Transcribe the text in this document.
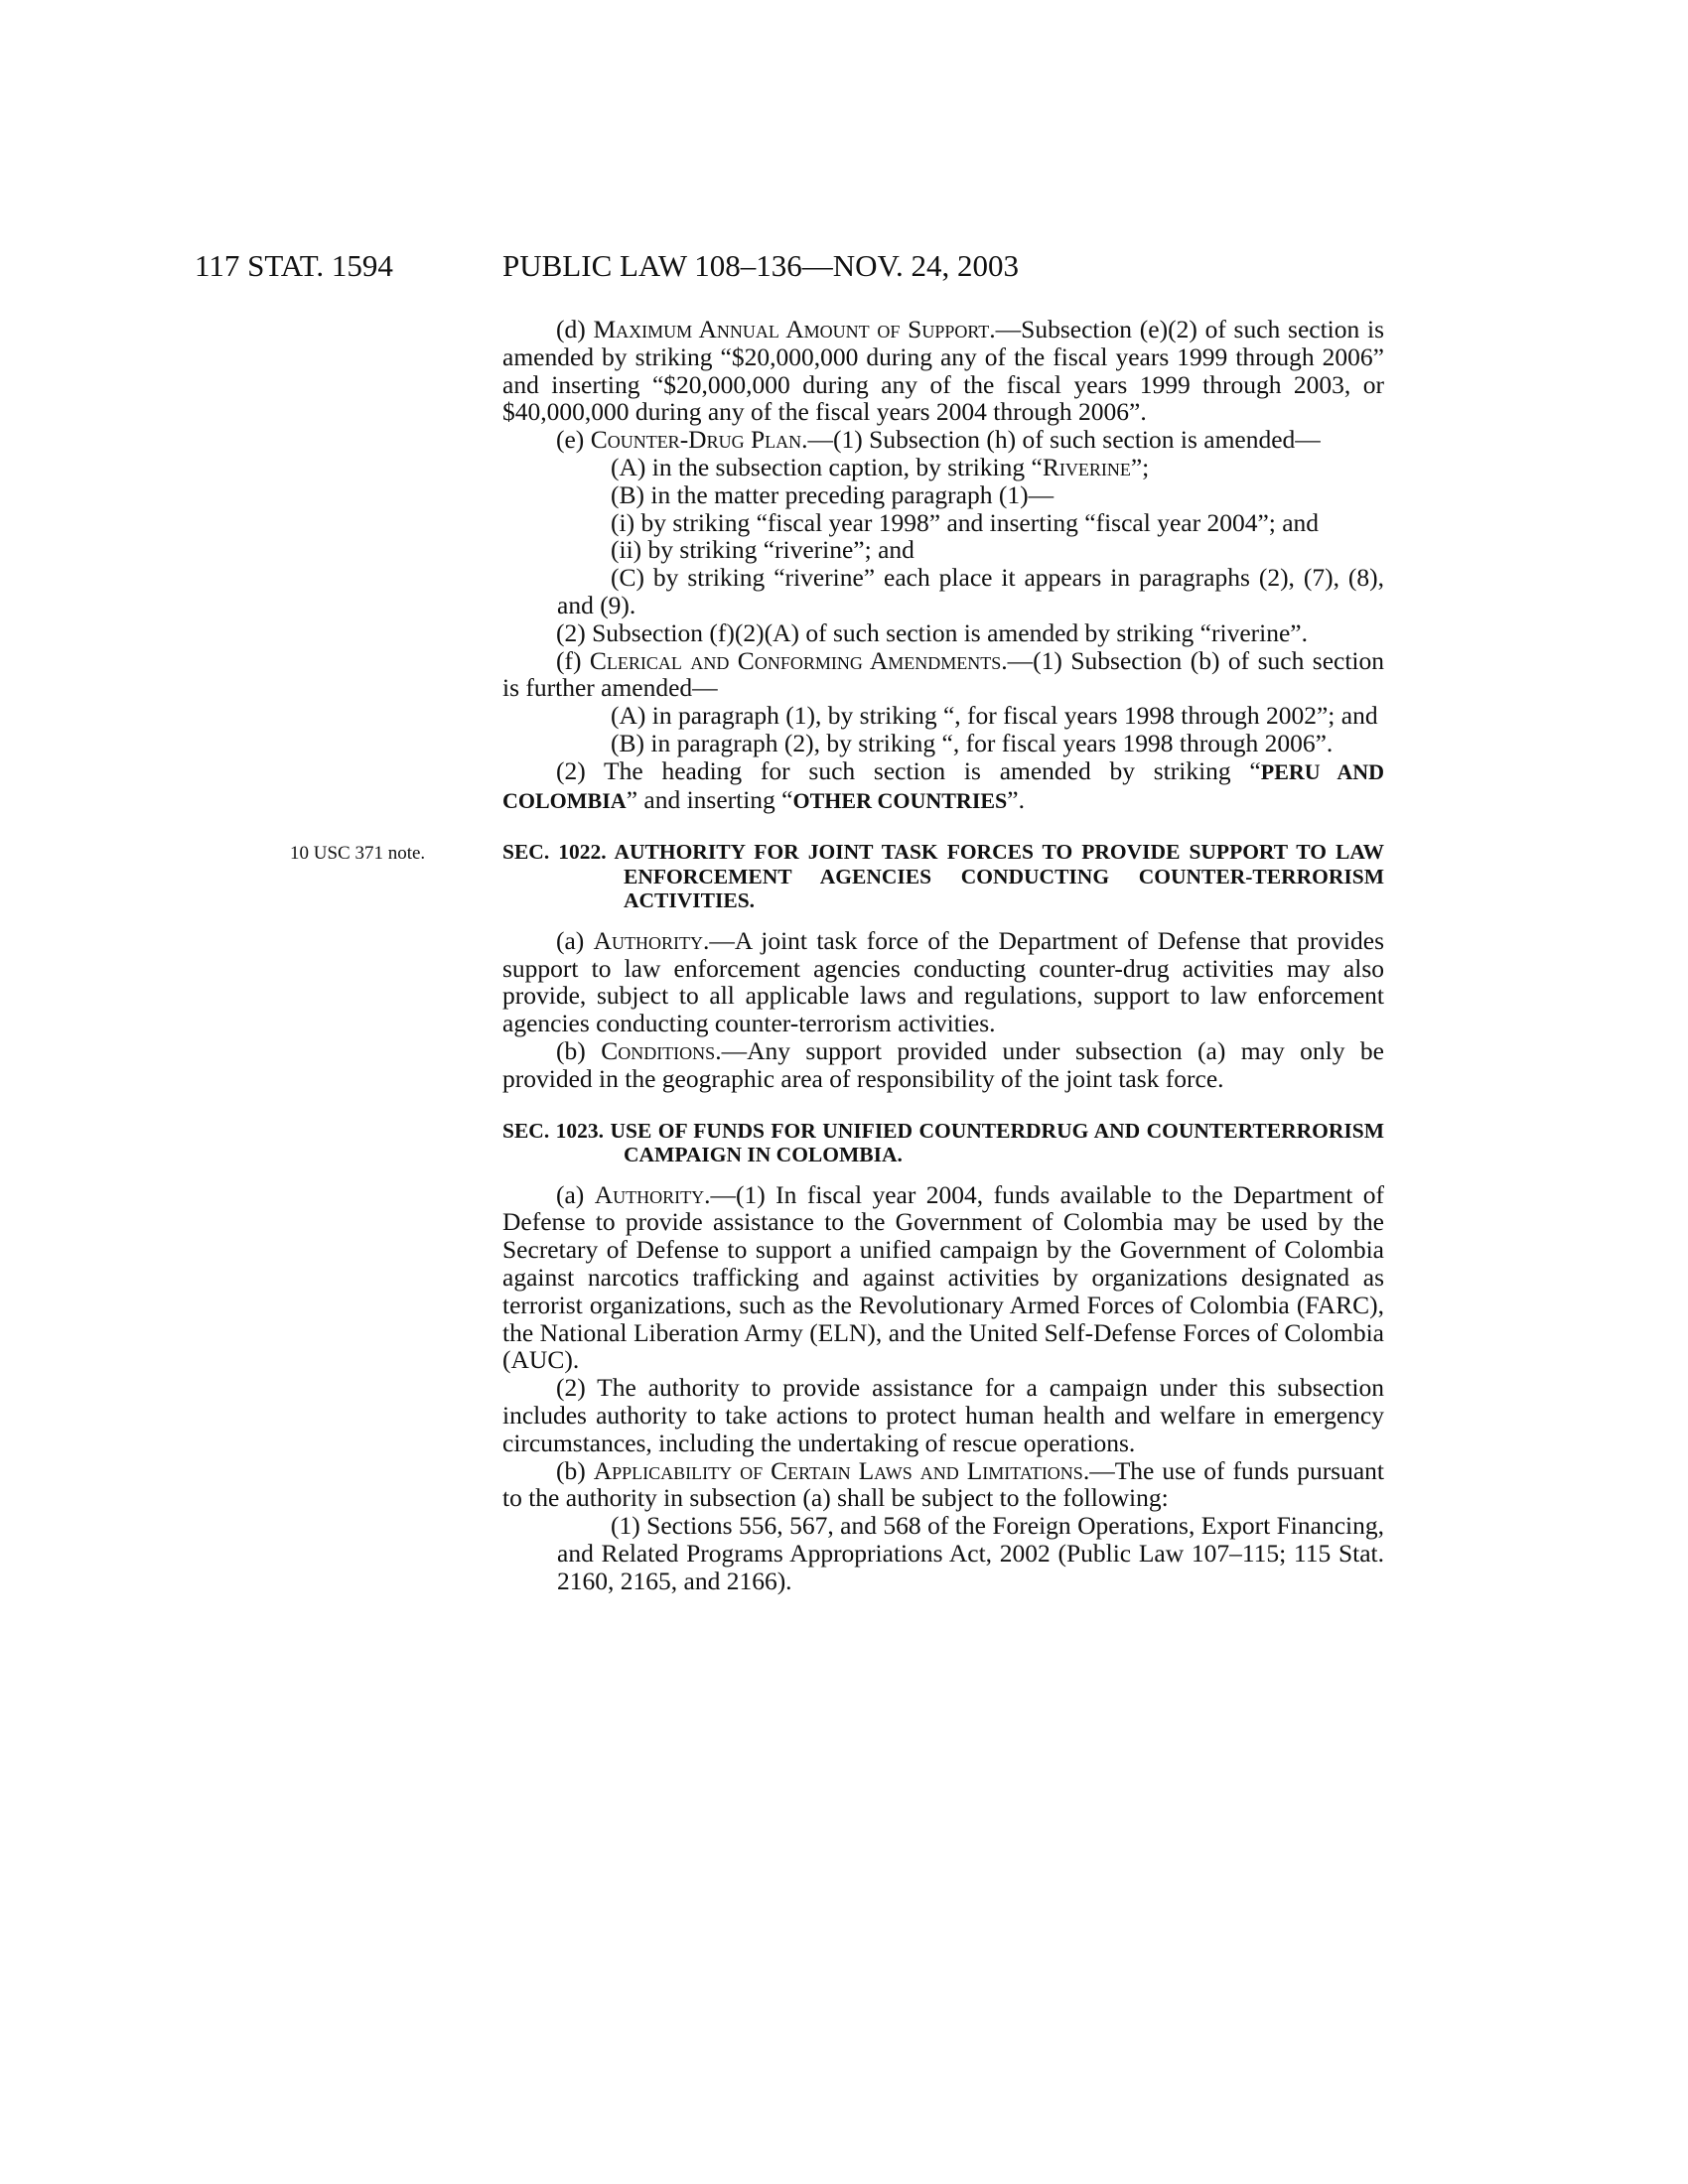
117 STAT. 1594	PUBLIC LAW 108–136—NOV. 24, 2003

(d) Maximum Annual Amount of Support.—Subsection (e)(2) of such section is amended by striking “$20,000,000 during any of the fiscal years 1999 through 2006” and inserting “$20,000,000 during any of the fiscal years 1999 through 2003, or $40,000,000 during any of the fiscal years 2004 through 2006”.

(e) Counter-Drug Plan.—(1) Subsection (h) of such section is amended—

(A) in the subsection caption, by striking “Riverine”;

(B) in the matter preceding paragraph (1)—

(i) by striking “fiscal year 1998” and inserting “fiscal year 2004”; and

(ii) by striking “riverine”; and

(C) by striking “riverine” each place it appears in paragraphs (2), (7), (8), and (9).

(2) Subsection (f)(2)(A) of such section is amended by striking “riverine”.

(f) Clerical and Conforming Amendments.—(1) Subsection (b) of such section is further amended—

(A) in paragraph (1), by striking “, for fiscal years 1998 through 2002”; and

(B) in paragraph (2), by striking “, for fiscal years 1998 through 2006”.

(2) The heading for such section is amended by striking “PERU AND COLOMBIA” and inserting “OTHER COUNTRIES”.

10 USC 371 note.	SEC. 1022. AUTHORITY FOR JOINT TASK FORCES TO PROVIDE SUPPORT TO LAW ENFORCEMENT AGENCIES CONDUCTING COUNTER-TERRORISM ACTIVITIES.

(a) Authority.—A joint task force of the Department of Defense that provides support to law enforcement agencies conducting counter-drug activities may also provide, subject to all applicable laws and regulations, support to law enforcement agencies conducting counter-terrorism activities.

(b) Conditions.—Any support provided under subsection (a) may only be provided in the geographic area of responsibility of the joint task force.

SEC. 1023. USE OF FUNDS FOR UNIFIED COUNTERDRUG AND COUNTERTERRORISM CAMPAIGN IN COLOMBIA.

(a) Authority.—(1) In fiscal year 2004, funds available to the Department of Defense to provide assistance to the Government of Colombia may be used by the Secretary of Defense to support a unified campaign by the Government of Colombia against narcotics trafficking and against activities by organizations designated as terrorist organizations, such as the Revolutionary Armed Forces of Colombia (FARC), the National Liberation Army (ELN), and the United Self-Defense Forces of Colombia (AUC).

(2) The authority to provide assistance for a campaign under this subsection includes authority to take actions to protect human health and welfare in emergency circumstances, including the undertaking of rescue operations.

(b) Applicability of Certain Laws and Limitations.—The use of funds pursuant to the authority in subsection (a) shall be subject to the following:

(1) Sections 556, 567, and 568 of the Foreign Operations, Export Financing, and Related Programs Appropriations Act, 2002 (Public Law 107–115; 115 Stat. 2160, 2165, and 2166).
